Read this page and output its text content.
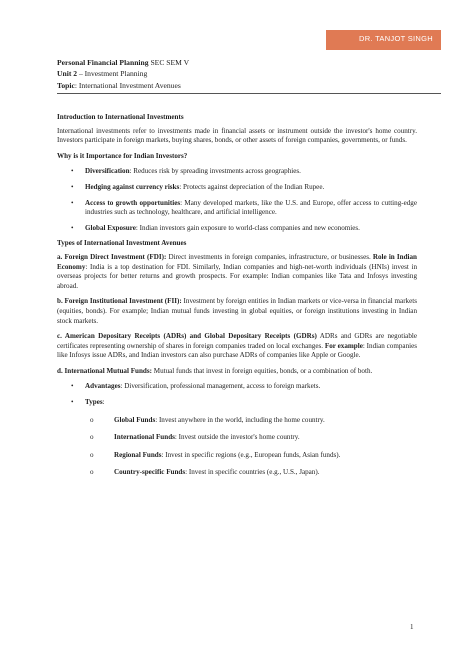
DR. TANJOT SINGH
Personal Financial Planning SEC SEM V
Unit 2 – Investment Planning
Topic: International Investment Avenues

Introduction to International Investments

International investments refer to investments made in financial assets or instrument outside the investor's home country. Investors participate in foreign markets, buying shares, bonds, or other assets of foreign companies, governments, or funds.

Why is it Importance for Indian Investors?

• Diversification: Reduces risk by spreading investments across geographies.
• Hedging against currency risks: Protects against depreciation of the Indian Rupee.
• Access to growth opportunities: Many developed markets, like the U.S. and Europe, offer access to cutting-edge industries such as technology, healthcare, and artificial intelligence.
• Global Exposure: Indian investors gain exposure to world-class companies and new economies.

Types of International Investment Avenues

a. Foreign Direct Investment (FDI): Direct investments in foreign companies, infrastructure, or businesses. Role in Indian Economy: India is a top destination for FDI. Similarly, Indian companies and high-net-worth individuals (HNIs) invest in overseas projects for better returns and growth prospects. For example: Indian companies like Tata and Infosys investing abroad.

b. Foreign Institutional Investment (FII): Investment by foreign entities in Indian markets or vice-versa in financial markets (equities, bonds). For example; Indian mutual funds investing in global equities, or foreign institutions investing in Indian stock markets.

c. American Depositary Receipts (ADRs) and Global Depositary Receipts (GDRs) ADRs and GDRs are negotiable certificates representing ownership of shares in foreign companies traded on local exchanges. For example: Indian companies like Infosys issue ADRs, and Indian investors can also purchase ADRs of companies like Apple or Google.

d. International Mutual Funds: Mutual funds that invest in foreign equities, bonds, or a combination of both.

• Advantages: Diversification, professional management, access to foreign markets.
• Types:
o	Global Funds: Invest anywhere in the world, including the home country.
o	International Funds: Invest outside the investor's home country.
o	Regional Funds: Invest in specific regions (e.g., European funds, Asian funds).
o	Country-specific Funds: Invest in specific countries (e.g., U.S., Japan).
1
